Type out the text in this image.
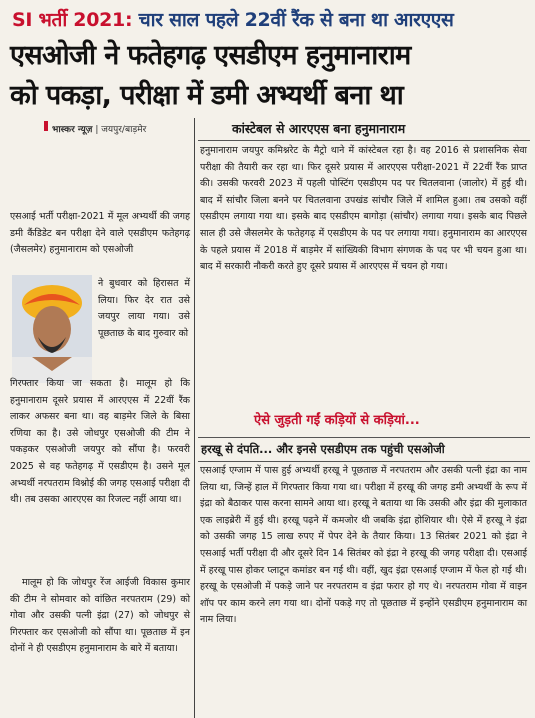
SI भर्ती 2021: चार साल पहले 22वीं रैंक से बना था आरएएस
एसओजी ने फतेहगढ़ एसडीएम हनुमानाराम
को पकड़ा, परीक्षा में डमी अभ्यर्थी बना था
भास्कर न्यूज़ | जयपुर/बाड़मेर	कांस्टेबल से आरएएस बना हनुमानाराम
हनुमानाराम जयपुर कमिश्नरेट के मैट्रो थाने में कांस्टेबल रहा है। वह 2016 से प्रशासनिक सेवा परीक्षा की तैयारी कर रहा था। फिर दूसरे प्रयास में आरएएस परीक्षा-2021 में 22वीं रैंक प्राप्त की। उसकी फरवरी 2023 में पहली पोस्टिंग एसडीएम पद पर चितलवाना (जालोर) में हुई थी। बाद में सांचौर जिला बनने पर चितलवाना उपखंड सांचौर जिले में शामिल हुआ। तब उसको वहीं एसडीएम लगाया गया था। इसके बाद एसडीएम बागोड़ा (सांचौर) लगाया गया। इसके बाद पिछले साल ही उसे जैसलमेर के फतेहगढ़ में एसडीएम के पद पर लगाया गया। हनुमानाराम का आरएएस के पहले प्रयास में 2018 में बाड़मेर में सांख्यिकी विभाग संगणक के पद पर भी चयन हुआ था। बाद में सरकारी नौकरी करते हुए दूसरे प्रयास में आरएएस में चयन हो गया।
एसआई भर्ती परीक्षा-2021 में मूल अभ्यर्थी की जगह डमी कैंडिडेट बन परीक्षा देने वाले एसडीएम फतेहगढ़ (जैसलमेर) हनुमानाराम को एसओजी
ने बुधवार को हिरासत में लिया। फिर देर रात उसे जयपुर लाया गया। उसे पूछताछ के बाद गुरुवार को
गिरफ्तार किया जा सकता है। मालूम हो कि हनुमानाराम दूसरे प्रयास में आरएएस में 22वीं रैंक लाकर अफसर बना था। वह बाड़मेर जिले के बिसा रणिया का है। उसे जोधपुर एसओजी की टीम ने पकड़कर एसओजी जयपुर को सौंपा है। फरवरी 2025 से वह फतेहगढ़ में एसडीएम है। उसने मूल अभ्यर्थी नरपतराम विश्नोई की जगह एसआई परीक्षा दी थी। तब उसका आरएएस का रिजल्ट नहीं आया था।
मालूम हो कि जोधपुर रेंज आईजी विकास कुमार की टीम ने सोमवार को वांछित नरपतराम (29) को गोवा और उसकी पत्नी इंद्रा (27) को जोधपुर से गिरफ्तार कर एसओजी को सौंपा था। पूछताछ में इन दोनों ने ही एसडीएम हनुमानाराम के बारे में बताया।
ऐसे जुड़ती गईं कड़ियों से कड़ियां...
हरखू से दंपति... और इनसे एसडीएम तक पहुंची एसओजी
एसआई एग्जाम में पास हुई अभ्यर्थी हरखू ने पूछताछ में नरपतराम और उसकी पत्नी इंद्रा का नाम लिया था, जिन्हें हाल में गिरफ्तार किया गया था। परीक्षा में हरखू की जगह डमी अभ्यर्थी के रूप में इंद्रा को बैठाकर पास करना सामने आया था। हरखू ने बताया था कि उसकी और इंद्रा की मुलाकात एक लाइब्रेरी में हुई थी। हरखू पढ़ने में कमजोर थी जबकि इंद्रा होशियार थी। ऐसे में हरखू ने इंद्रा को उसकी जगह 15 लाख रुपए में पेपर देने के तैयार किया। 13 सितंबर 2021 को इंद्रा ने एसआई भर्ती परीक्षा दी और दूसरे दिन 14 सितंबर को इंद्रा ने हरखू की जगह परीक्षा दी। एसआई में हरखू पास होकर प्लाटून कमांडर बन गई थी। वहीं, खुद इंद्रा एसआई एग्जाम में फेल हो गई थी। हरखू के एसओजी में पकड़े जाने पर नरपतराम व इंद्रा फरार हो गए थे। नरपतराम गोवा में वाइन शॉप पर काम करने लग गया था। दोनों पकड़े गए तो पूछताछ में इन्होंने एसडीएम हनुमानाराम का नाम लिया।
